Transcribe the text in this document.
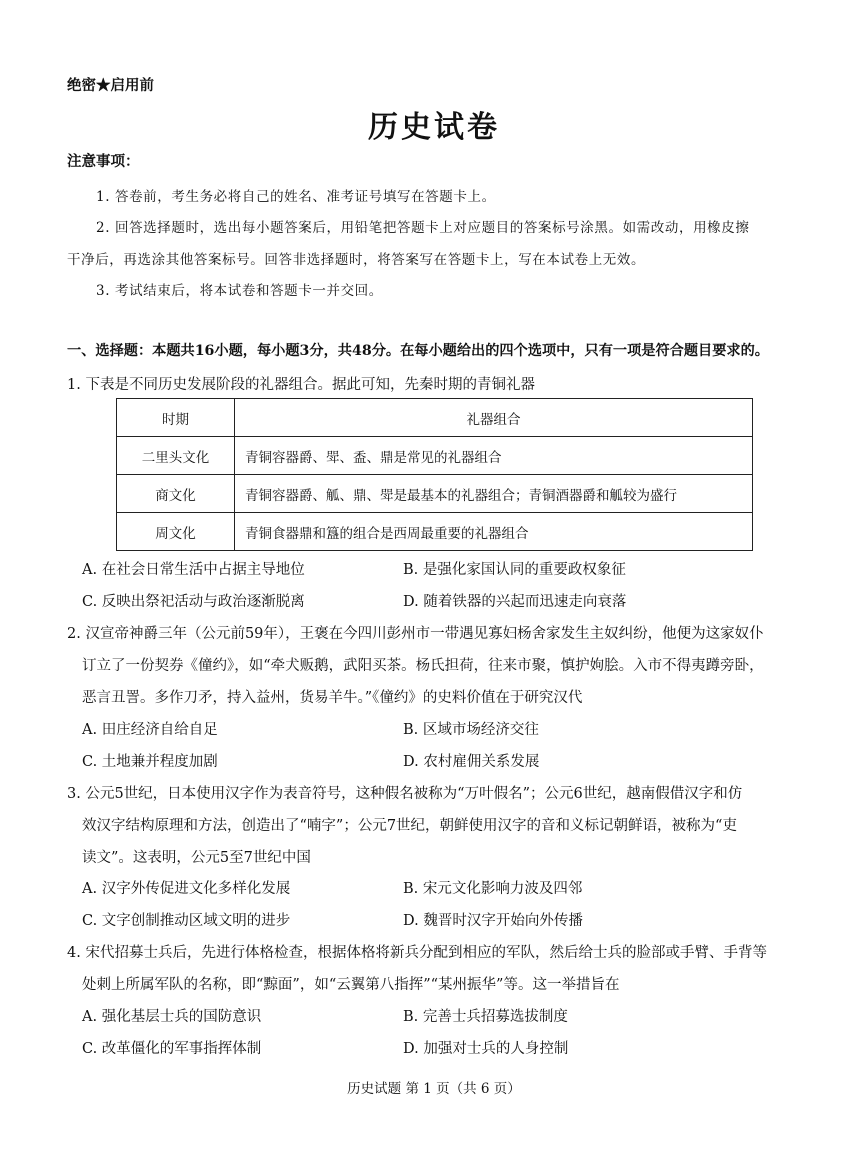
绝密★启用前

历史试卷

注意事项：

1. 答卷前，考生务必将自己的姓名、准考证号填写在答题卡上。

2. 回答选择题时，选出每小题答案后，用铅笔把答题卡上对应题目的答案标号涂黑。如需改动，用橡皮擦

干净后，再选涂其他答案标号。回答非选择题时，将答案写在答题卡上，写在本试卷上无效。

3. 考试结束后，将本试卷和答题卡一并交回。

一、选择题：本题共16小题，每小题3分，共48分。在每小题给出的四个选项中，只有一项是符合题目要求的。

1. 下表是不同历史发展阶段的礼器组合。据此可知，先秦时期的青铜礼器

时期	礼器组合
二里头文化	青铜容器爵、斝、盉、鼎是常见的礼器组合
商文化	青铜容器爵、觚、鼎、斝是最基本的礼器组合；青铜酒器爵和觚较为盛行
周文化	青铜食器鼎和簋的组合是西周最重要的礼器组合

A. 在社会日常生活中占据主导地位	B. 是强化家国认同的重要政权象征

C. 反映出祭祀活动与政治逐渐脱离	D. 随着铁器的兴起而迅速走向衰落

2. 汉宣帝神爵三年（公元前59年），王褒在今四川彭州市一带遇见寡妇杨舍家发生主奴纠纷，他便为这家奴仆

订立了一份契券《僮约》，如“牵犬贩鹅，武阳买茶。杨氏担荷，往来市聚，慎护姁脍。入市不得夷蹲旁卧，

恶言丑詈。多作刀矛，持入益州，货易羊牛。”《僮约》的史料价值在于研究汉代

A. 田庄经济自给自足	B. 区域市场经济交往

C. 土地兼并程度加剧	D. 农村雇佣关系发展

3. 公元5世纪，日本使用汉字作为表音符号，这种假名被称为“万叶假名”；公元6世纪，越南假借汉字和仿

效汉字结构原理和方法，创造出了“喃字”；公元7世纪，朝鲜使用汉字的音和义标记朝鲜语，被称为“吏

读文”。这表明，公元5至7世纪中国

A. 汉字外传促进文化多样化发展	B. 宋元文化影响力波及四邻

C. 文字创制推动区域文明的进步	D. 魏晋时汉字开始向外传播

4. 宋代招募士兵后，先进行体格检查，根据体格将新兵分配到相应的军队，然后给士兵的脸部或手臂、手背等

处刺上所属军队的名称，即“黥面”，如“云翼第八指挥”“某州振华”等。这一举措旨在

A. 强化基层士兵的国防意识	B. 完善士兵招募选拔制度

C. 改革僵化的军事指挥体制	D. 加强对士兵的人身控制

历史试题 第 1 页（共 6 页）
